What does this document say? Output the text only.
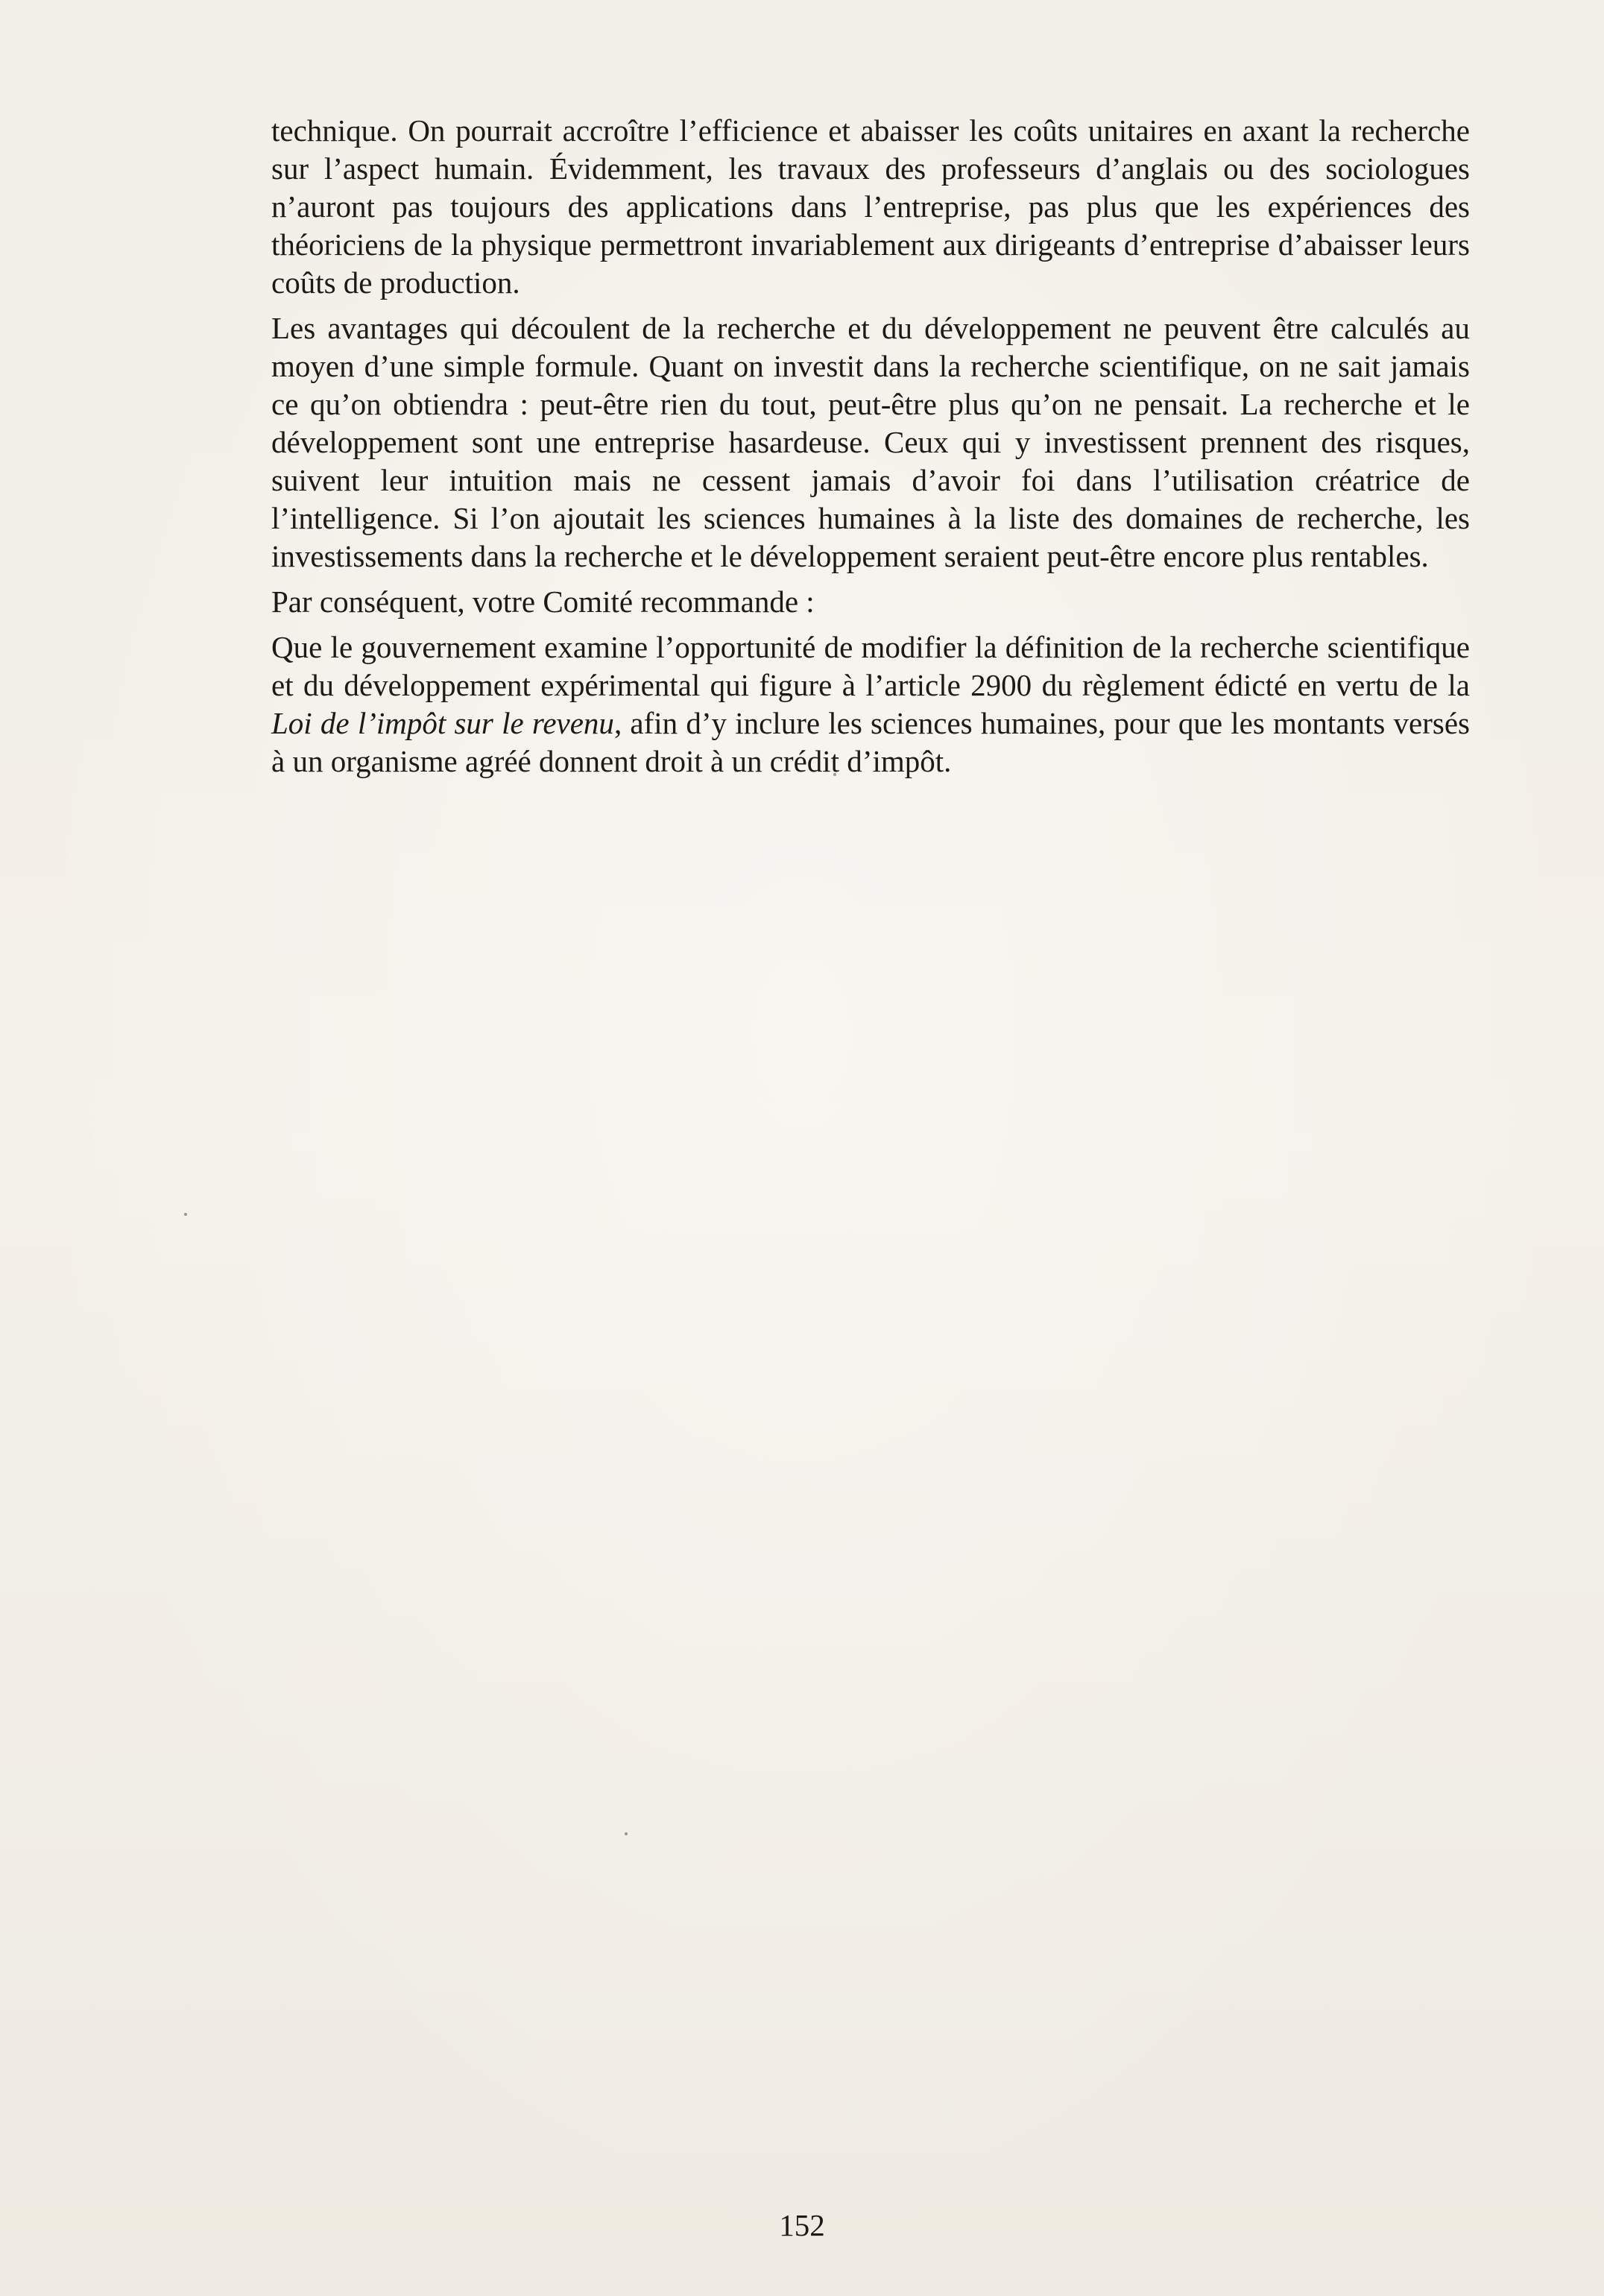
technique. On pourrait accroître l’efficience et abaisser les coûts unitaires en axant la recherche sur l’aspect humain. Évidemment, les travaux des professeurs d’anglais ou des sociologues n’auront pas toujours des applications dans l’entreprise, pas plus que les expériences des théoriciens de la physique permettront invariablement aux dirigeants d’entreprise d’abaisser leurs coûts de production.

Les avantages qui découlent de la recherche et du développement ne peuvent être calculés au moyen d’une simple formule. Quant on investit dans la recherche scientifique, on ne sait jamais ce qu’on obtiendra : peut-être rien du tout, peut-être plus qu’on ne pensait. La recherche et le développement sont une entreprise hasardeuse. Ceux qui y investissent prennent des risques, suivent leur intuition mais ne cessent jamais d’avoir foi dans l’utilisation créatrice de l’intelligence. Si l’on ajoutait les sciences humaines à la liste des domaines de recherche, les investissements dans la recherche et le développement seraient peut-être encore plus rentables.

Par conséquent, votre Comité recommande :

Que le gouvernement examine l’opportunité de modifier la définition de la recherche scientifique et du développement expérimental qui figure à l’article 2900 du règlement édicté en vertu de la Loi de l’impôt sur le revenu, afin d’y inclure les sciences humaines, pour que les montants versés à un organisme agréé donnent droit à un crédit d’impôt.

152
